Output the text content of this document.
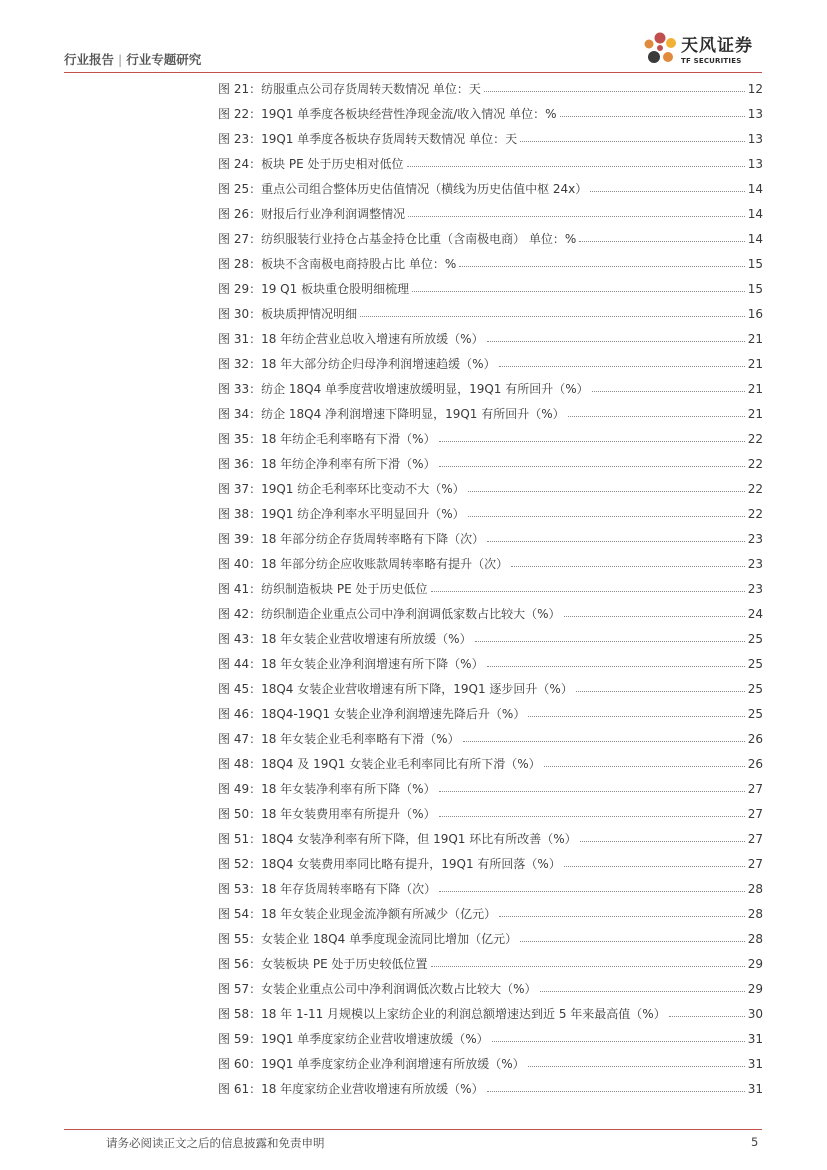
行业报告 | 行业专题研究
天风证券
TF SECURITIES
图 21：纺服重点公司存货周转天数情况 单位：天	12
图 22：19Q1 单季度各板块经营性净现金流/收入情况 单位：%	13
图 23：19Q1 单季度各板块存货周转天数情况 单位：天	13
图 24：板块 PE 处于历史相对低位	13
图 25：重点公司组合整体历史估值情况（横线为历史估值中枢 24x）	14
图 26：财报后行业净利润调整情况	14
图 27：纺织服装行业持仓占基金持仓比重（含南极电商） 单位：%	14
图 28：板块不含南极电商持股占比 单位：%	15
图 29：19 Q1 板块重仓股明细梳理	15
图 30：板块质押情况明细	16
图 31：18 年纺企营业总收入增速有所放缓（%）	21
图 32：18 年大部分纺企归母净利润增速趋缓（%）	21
图 33：纺企 18Q4 单季度营收增速放缓明显，19Q1 有所回升（%）	21
图 34：纺企 18Q4 净利润增速下降明显，19Q1 有所回升（%）	21
图 35：18 年纺企毛利率略有下滑（%）	22
图 36：18 年纺企净利率有所下滑（%）	22
图 37：19Q1 纺企毛利率环比变动不大（%）	22
图 38：19Q1 纺企净利率水平明显回升（%）	22
图 39：18 年部分纺企存货周转率略有下降（次）	23
图 40：18 年部分纺企应收账款周转率略有提升（次）	23
图 41：纺织制造板块 PE 处于历史低位	23
图 42：纺织制造企业重点公司中净利润调低家数占比较大（%）	24
图 43：18 年女装企业营收增速有所放缓（%）	25
图 44：18 年女装企业净利润增速有所下降（%）	25
图 45：18Q4 女装企业营收增速有所下降，19Q1 逐步回升（%）	25
图 46：18Q4-19Q1 女装企业净利润增速先降后升（%）	25
图 47：18 年女装企业毛利率略有下滑（%）	26
图 48：18Q4 及 19Q1 女装企业毛利率同比有所下滑（%）	26
图 49：18 年女装净利率有所下降（%）	27
图 50：18 年女装费用率有所提升（%）	27
图 51：18Q4 女装净利率有所下降，但 19Q1 环比有所改善（%）	27
图 52：18Q4 女装费用率同比略有提升，19Q1 有所回落（%）	27
图 53：18 年存货周转率略有下降（次）	28
图 54：18 年女装企业现金流净额有所减少（亿元）	28
图 55：女装企业 18Q4 单季度现金流同比增加（亿元）	28
图 56：女装板块 PE 处于历史较低位置	29
图 57：女装企业重点公司中净利润调低次数占比较大（%）	29
图 58：18 年 1-11 月规模以上家纺企业的利润总额增速达到近 5 年来最高值（%）	30
图 59：19Q1 单季度家纺企业营收增速放缓（%）	31
图 60：19Q1 单季度家纺企业净利润增速有所放缓（%）	31
图 61：18 年度家纺企业营收增速有所放缓（%）	31
请务必阅读正文之后的信息披露和免责申明	5
